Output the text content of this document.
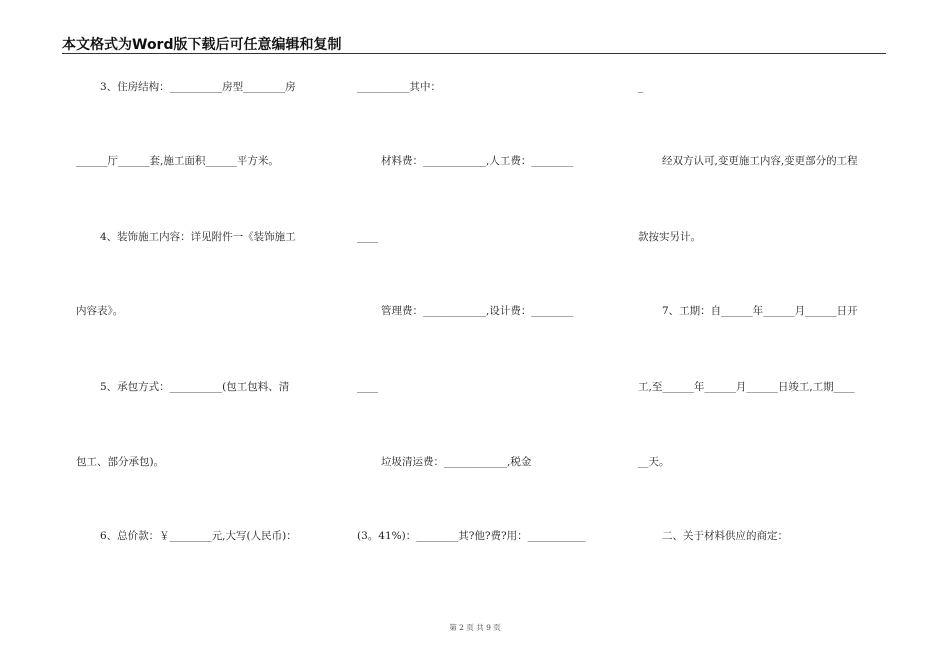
本文格式为Word版下载后可任意编辑和复制
3、住房结构：__________房型________房
______厅______套,施工面积______平方米。
4、装饰施工内容：详见附件一《装饰施工
内容表》。
5、承包方式：__________(包工包料、清
包工、部分承包)。
6、总价款：￥________元,大写(人民币)：
__________其中：
材料费：____________,人工费：________
____
管理费：____________,设计费：________
____
垃圾清运费：____________,税金
(3。41%)：________其?他?费?用：___________
_
经双方认可,变更施工内容,变更部分的工程
款按实另计。
7、工期：自______年______月______日开
工,至______年______月______日竣工,工期____
__天。
二、关于材料供应的商定：
第 2 页 共 9 页
